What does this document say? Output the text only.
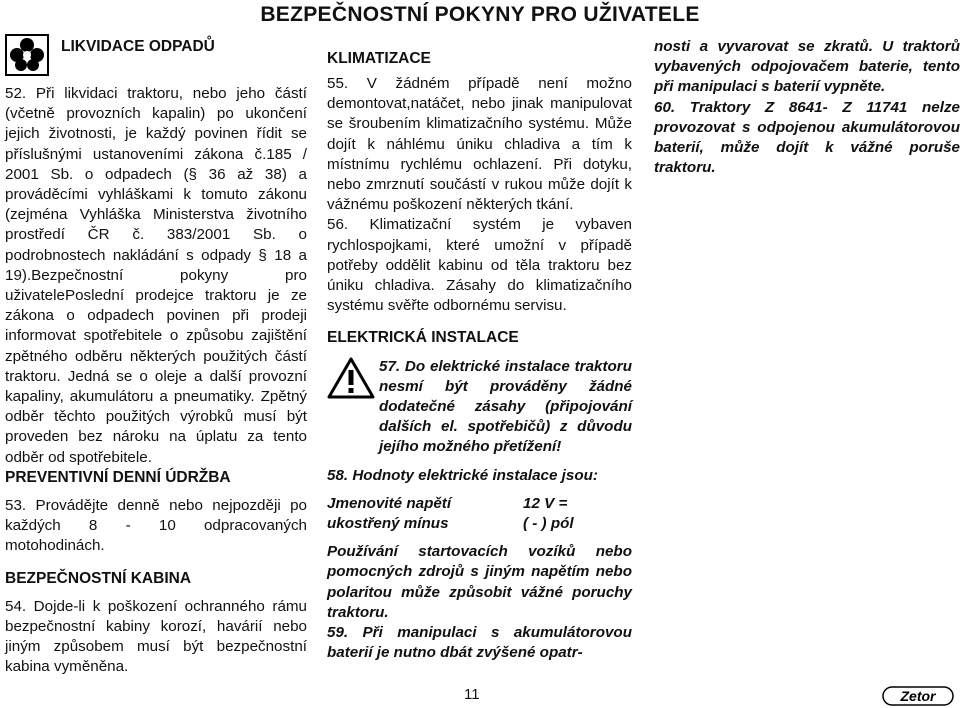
BEZPEČNOSTNÍ POKYNY PRO UŽIVATELE
LIKVIDACE ODPADŮ

52. Při likvidaci traktoru, nebo jeho částí (včetně provozních kapalin) po ukončení jejich životnosti, je každý povinen řídit se příslušnými ustanoveními zákona č.185 / 2001 Sb. o odpadech (§ 36 až 38) a prováděcími vyhláškami k tomuto zákonu (zejména Vyhláška Ministerstva životního prostředí ČR č. 383/2001 Sb. o podrobnostech nakládání s odpady § 18 a 19).Bezpečnostní pokyny pro uživatelePoslední prodejce traktoru je ze zákona o odpadech povinen při prodeji informovat spotřebitele o způsobu zajištění zpětného odběru některých použitých částí traktoru. Jedná se o oleje a další provozní kapaliny, akumulátoru a pneumatiky. Zpětný odběr těchto použitých výrobků musí být proveden bez nároku na úplatu za tento odběr od spotřebitele.

PREVENTIVNÍ DENNÍ ÚDRŽBA

53. Provádějte denně nebo nejpozději po každých 8 - 10 odpracovaných motohodinách.

BEZPEČNOSTNÍ KABINA

54. Dojde-li k poškození ochranného rámu bezpečnostní kabiny korozí, havárií nebo jiným způsobem musí být bezpečnostní kabina vyměněna.

KLIMATIZACE

55. V žádném případě není možno demontovat,natáčet, nebo jinak manipulovat se šroubením klimatizačního systému. Může dojít k náhlému úniku chladiva a tím k místnímu rychlému ochlazení. Při dotyku, nebo zmrznutí součástí v rukou může dojít k vážnému poškození některých tkání.

56. Klimatizační systém je vybaven rychlospojkami, které umožní v případě potřeby oddělit kabinu od těla traktoru bez úniku chladiva. Zásahy do klimatizačního systému svěřte odbornému servisu.

ELEKTRICKÁ INSTALACE

57. Do elektrické instalace traktoru nesmí být prováděny žádné dodatečné zásahy (připojování dalších el. spotřebičů) z důvodu jejího možného přetížení!

58. Hodnoty elektrické instalace jsou:

Jmenovité napětí	12 V =
ukostřený mínus	( - ) pól

Používání startovacích vozíků nebo pomocných zdrojů s jiným napětím nebo polaritou může způsobit vážné poruchy traktoru.

59. Při manipulaci s akumulátorovou baterií je nutno dbát zvýšené opatr-

nosti a vyvarovat se zkratů. U traktorů vybavených odpojovačem baterie, tento při manipulaci s baterií vypněte.

60. Traktory Z 8641- Z 11741 nelze provozovat s odpojenou akumulátorovou baterií, může dojít k vážné poruše traktoru.

11	Zetor
